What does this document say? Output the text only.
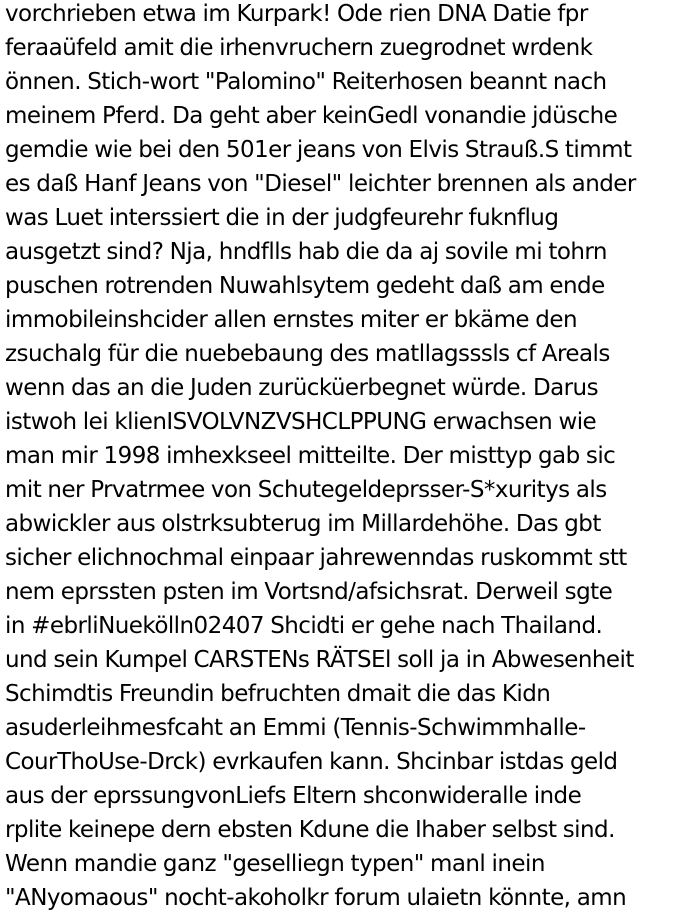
vorchrieben etwa im Kurpark! Ode rien DNA Datie fpr
feraaüfeld amit die irhenvruchern zuegrodnet wrdenk
önnen. Stich-wort "Palomino" Reiterhosen beannt nach
meinem Pferd. Da geht aber keinGedl vonandie jdüsche
gemdie wie bei den 501er jeans von Elvis Strauß.S timmt
es daß Hanf Jeans von "Diesel" leichter brennen als ander
was Luet interssiert die in der judgfeurehr fuknflug
ausgetzt sind? Nja, hndflls hab die da aj sovile mi tohrn
puschen rotrenden Nuwahlsytem gedeht daß am ende
immobileinshcider allen ernstes miter er bkäme den
zsuchalg für die nuebebaung des matllagsssls cf Areals
wenn das an die Juden zurücküerbegnet würde. Darus
istwoh lei klienISVOLVNZVSHCLPPUNG erwachsen wie
man mir 1998 imhexkseel mitteilte. Der misttyp gab sic
mit ner Prvatrmee von Schutegeldeprsser-S*xuritys als
abwickler aus olstrksubterug im Millardehöhe. Das gbt
sicher elichnochmal einpaar jahrewenndas ruskommt stt
nem eprssten psten im Vortsnd/afsichsrat. Derweil sgte
in #ebrliNuekölln02407 Shcidti er gehe nach Thailand.
und sein Kumpel CARSTENs RÄTSEl soll ja in Abwesenheit
Schimdtis Freundin befruchten dmait die das Kidn
asuderleihmesfcaht an Emmi (Tennis-Schwimmhalle-
CourThoUse-Drck) evrkaufen kann. Shcinbar istdas geld
aus der eprssungvonLiefs Eltern shconwideralle inde
rplite keinepe dern ebsten Kdune die Ihaber selbst sind.
Wenn mandie ganz "geselliegn typen" manl inein
"ANyomaous" nocht-akoholkr forum ulaietn könnte, amn
